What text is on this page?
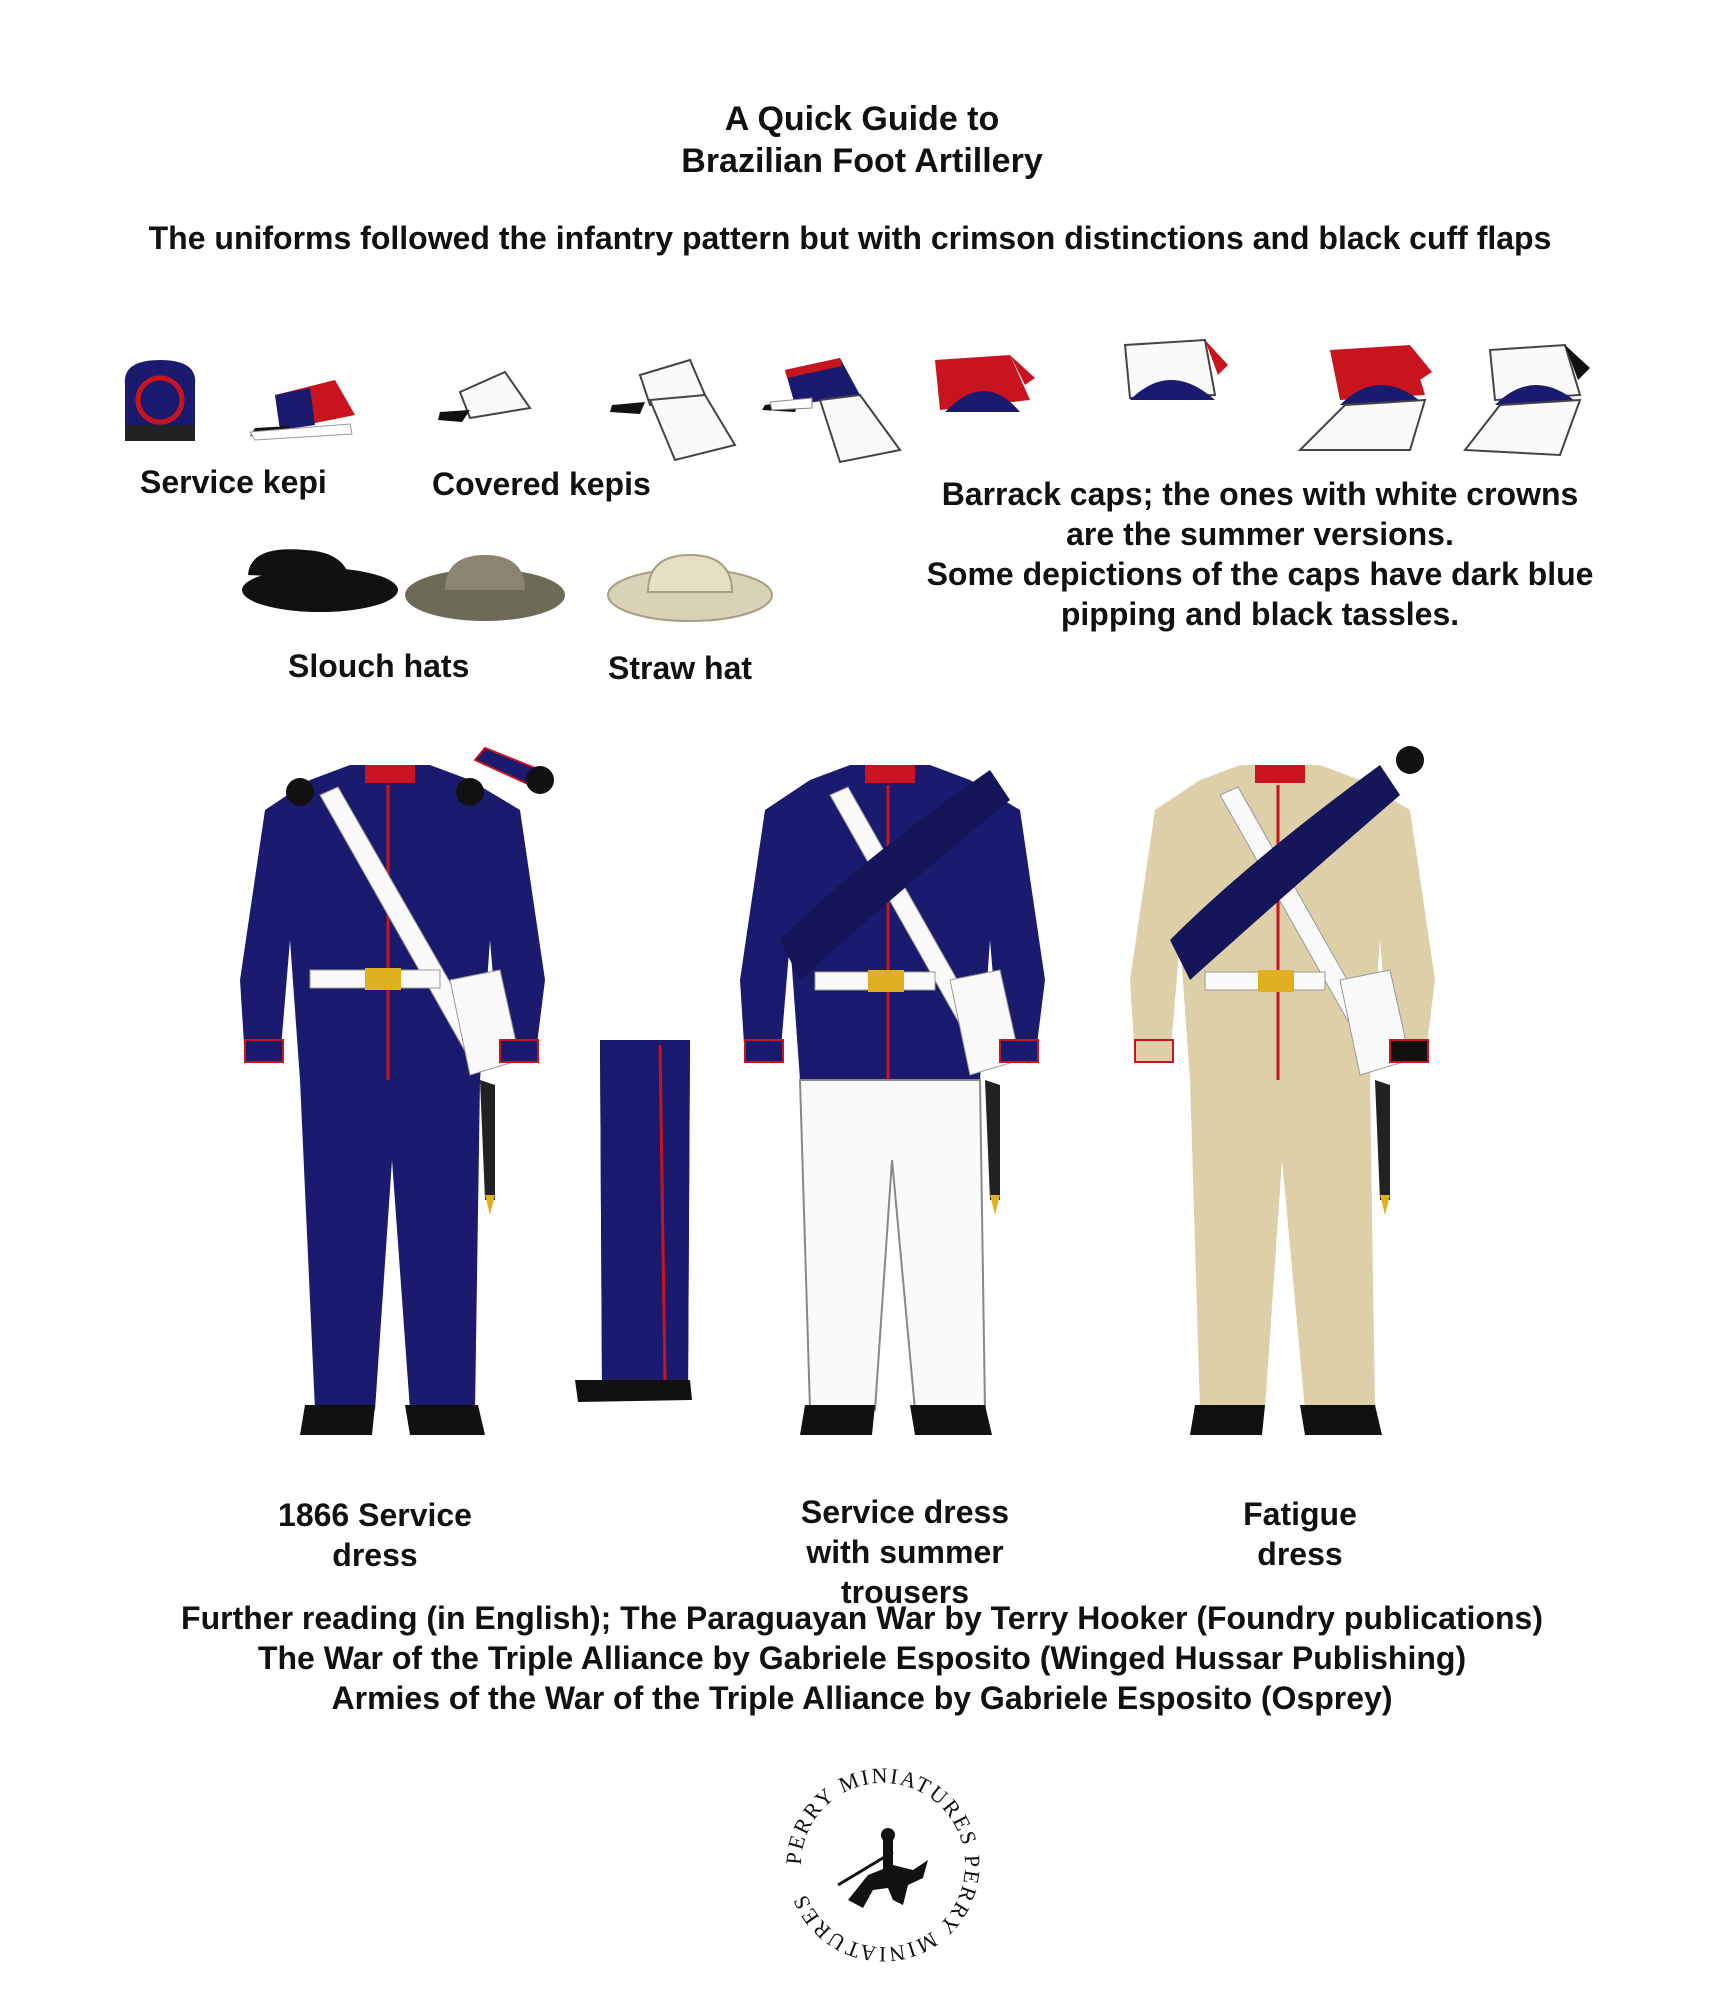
A Quick Guide to
Brazilian Foot Artillery
The uniforms followed the infantry pattern but with crimson distinctions and black cuff flaps
Service kepi	Covered kepis	Barrack caps; the ones with white crowns
are the summer versions.
Some depictions of the caps have dark blue
pipping and black tassles.
Slouch hats	Straw hat
1866 Service
dress
Service dress
with summer
trousers
Fatigue
dress
Further reading (in English); The Paraguayan War by Terry Hooker (Foundry publications)
The War of the Triple Alliance by Gabriele Esposito (Winged Hussar Publishing)
Armies of the War of the Triple Alliance by Gabriele Esposito (Osprey)
PERRY MINIATURES PERRY MINIATURES
